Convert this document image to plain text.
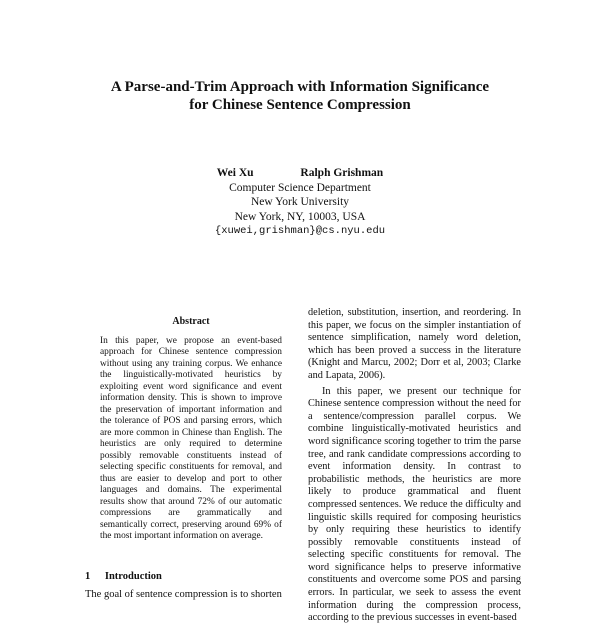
A Parse-and-Trim Approach with Information Significance
for Chinese Sentence Compression
Wei Xu	Ralph Grishman
Computer Science Department
New York University
New York, NY, 10003, USA
{xuwei,grishman}@cs.nyu.edu
Abstract
In this paper, we propose an event-based approach for Chinese sentence compression without using any training corpus. We enhance the linguistically-motivated heuristics by exploiting event word significance and event information density. This is shown to improve the preservation of important information and the tolerance of POS and parsing errors, which are more common in Chinese than English. The heuristics are only required to determine possibly removable constituents instead of selecting specific constituents for removal, and thus are easier to develop and port to other languages and domains. The experimental results show that around 72% of our automatic compressions are grammatically and semantically correct, preserving around 69% of the most important information on average.
1 Introduction
The goal of sentence compression is to shorten

deletion, substitution, insertion, and reordering. In this paper, we focus on the simpler instantiation of sentence simplification, namely word deletion, which has been proved a success in the literature (Knight and Marcu, 2002; Dorr et al, 2003; Clarke and Lapata, 2006).

In this paper, we present our technique for Chinese sentence compression without the need for a sentence/compression parallel corpus. We combine linguistically-motivated heuristics and word significance scoring together to trim the parse tree, and rank candidate compressions according to event information density. In contrast to probabilistic methods, the heuristics are more likely to produce grammatical and fluent compressed sentences. We reduce the difficulty and linguistic skills required for composing heuristics by only requiring these heuristics to identify possibly removable constituents instead of selecting specific constituents for removal. The word significance helps to preserve informative constituents and overcome some POS and parsing errors. In particular, we seek to assess the event information during the compression process, according to the previous successes in event-based
